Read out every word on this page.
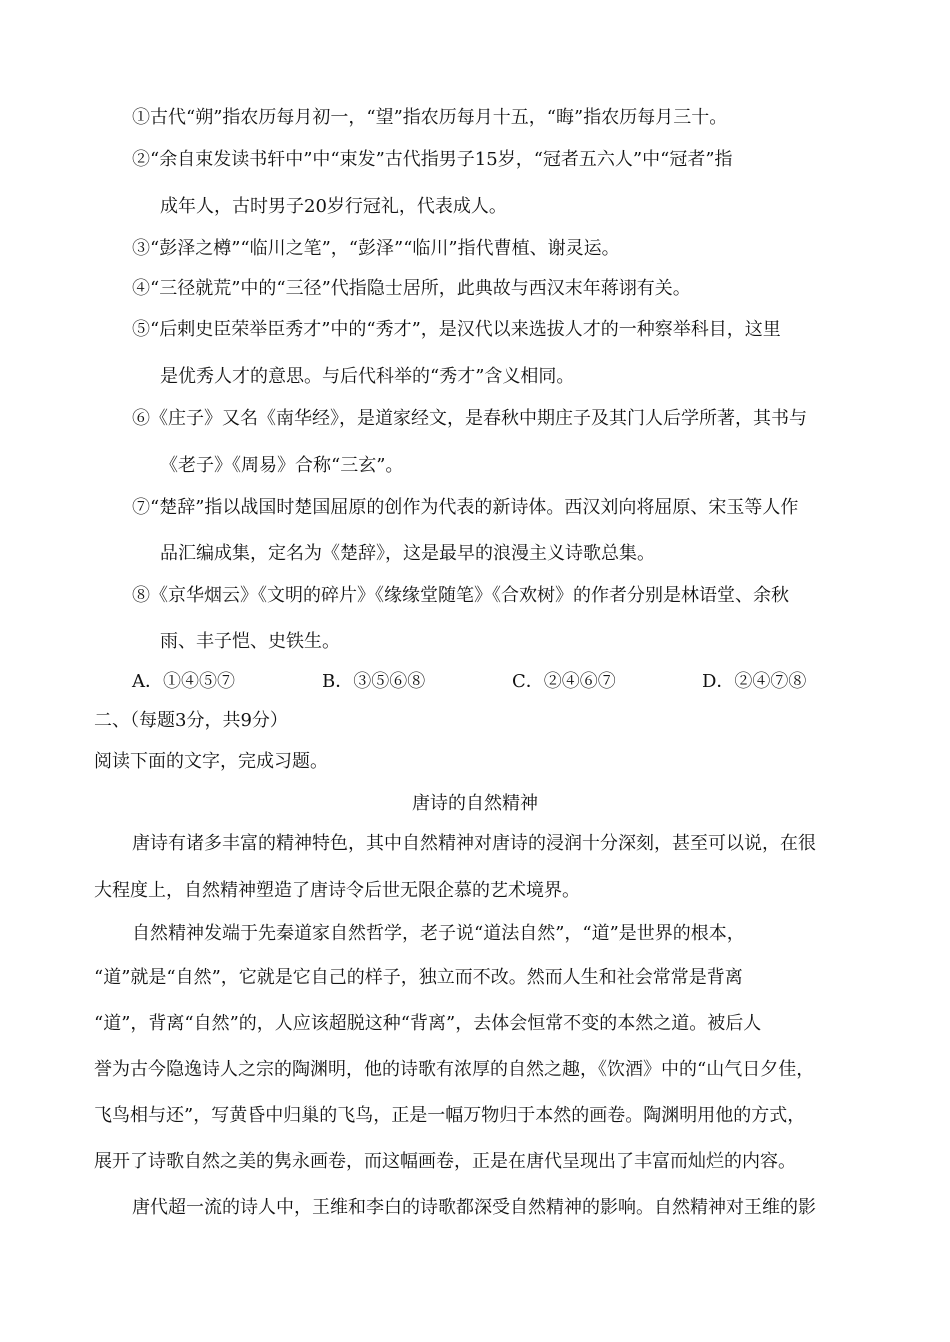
①古代“朔”指农历每月初一，“望”指农历每月十五，“晦”指农历每月三十。
②“余自束发读书轩中”中“束发”古代指男子15岁，“冠者五六人”中“冠者”指
成年人，古时男子20岁行冠礼，代表成人。
③“彭泽之樽”“临川之笔”，“彭泽”“临川”指代曹植、谢灵运。
④“三径就荒”中的“三径”代指隐士居所，此典故与西汉末年蒋诩有关。
⑤“后剌史臣荣举臣秀才”中的“秀才”，是汉代以来选拔人才的一种察举科目，这里
是优秀人才的意思。与后代科举的“秀才”含义相同。
⑥《庄子》又名《南华经》，是道家经文，是春秋中期庄子及其门人后学所著，其书与
《老子》《周易》合称“三玄”。
⑦“楚辞”指以战国时楚国屈原的创作为代表的新诗体。西汉刘向将屈原、宋玉等人作
品汇编成集，定名为《楚辞》，这是最早的浪漫主义诗歌总集。
⑧《京华烟云》《文明的碎片》《缘缘堂随笔》《合欢树》的作者分别是林语堂、余秋
雨、丰子恺、史铁生。
A．①④⑤⑦	B．③⑤⑥⑧	C．②④⑥⑦	D．②④⑦⑧
二、（每题3分，共9分）
阅读下面的文字，完成习题。
唐诗的自然精神
唐诗有诸多丰富的精神特色，其中自然精神对唐诗的浸润十分深刻，甚至可以说，在很
大程度上，自然精神塑造了唐诗令后世无限企慕的艺术境界。
自然精神发端于先秦道家自然哲学，老子说“道法自然”，“道”是世界的根本，
“道”就是“自然”，它就是它自己的样子，独立而不改。然而人生和社会常常是背离
“道”，背离“自然”的，人应该超脱这种“背离”，去体会恒常不变的本然之道。被后人
誉为古今隐逸诗人之宗的陶渊明，他的诗歌有浓厚的自然之趣，《饮酒》中的“山气日夕佳，
飞鸟相与还”，写黄昏中归巢的飞鸟，正是一幅万物归于本然的画卷。陶渊明用他的方式，
展开了诗歌自然之美的隽永画卷，而这幅画卷，正是在唐代呈现出了丰富而灿烂的内容。
唐代超一流的诗人中，王维和李白的诗歌都深受自然精神的影响。自然精神对王维的影
